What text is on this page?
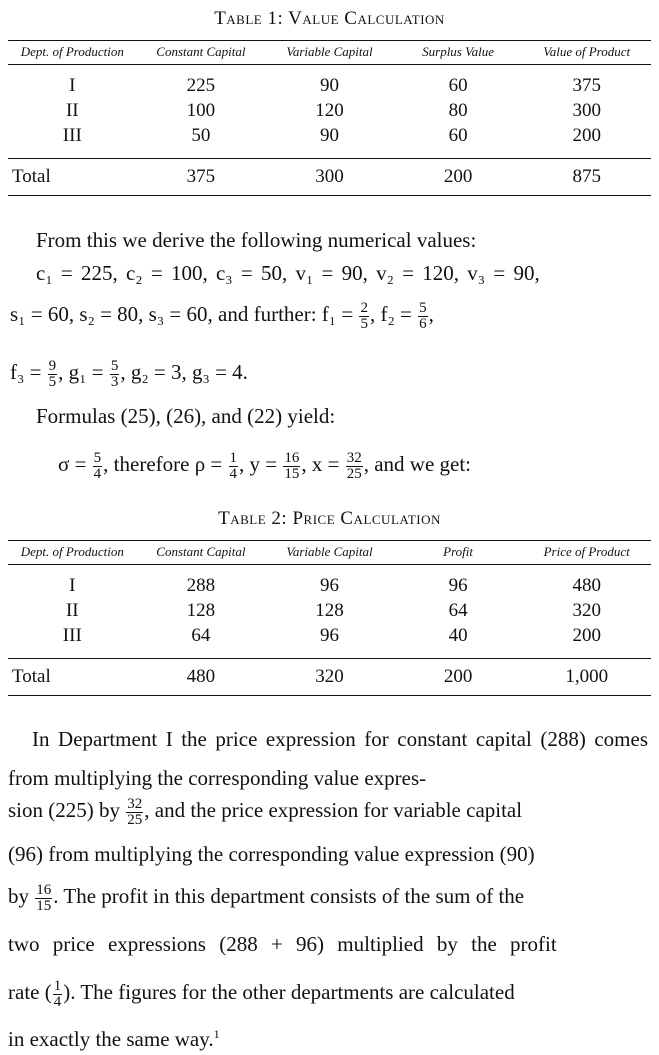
Table 1: Value Calculation
Dept. of Production	Constant Capital	Variable Capital	Surplus Value	Value of Product
I	225	90	60	375
II	100	120	80	300
III	50	90	60	200
Total	375	300	200	875
From this we derive the following numerical values:
c₁ = 225, c₂ = 100, c₃ = 50, v₁ = 90, v₂ = 120, v₃ = 90,
s₁ = 60, s₂ = 80, s₃ = 60, and further: $f_1 = \frac{2}{5}$ , $f_2 = \frac{5}{6}$ ,
$f_3 = \frac{9}{5}$ , $g_1 = \frac{5}{3}$ , g₂ = 3, g₃ = 4.
Formulas (25), (26), and (22) yield:
$\sigma = \frac{5}{4}$ , therefore $\rho = \frac{1}{4}$ , $y = \frac{16}{15}$ , $x = \frac{32}{25}$ , and we get:
Table 2: Price Calculation
Dept. of Production	Constant Capital	Variable Capital	Profit	Price of Product
I	288	96	96	480
II	128	128	64	320
III	64	96	40	200
Total	480	320	200	1,000
In Department I the price expression for constant capital (288) comes from multiplying the corresponding value expres-
sion (225) by $\frac{32}{25}$ , and the price expression for variable capital
(96) from multiplying the corresponding value expression (90)
by $\frac{16}{15}$ . The profit in this department consists of the sum of the
two price expressions (288 + 96) multiplied by the profit
rate ( $\frac{1}{4}$ ). The figures for the other departments are calculated
in exactly the same way.$^1$
